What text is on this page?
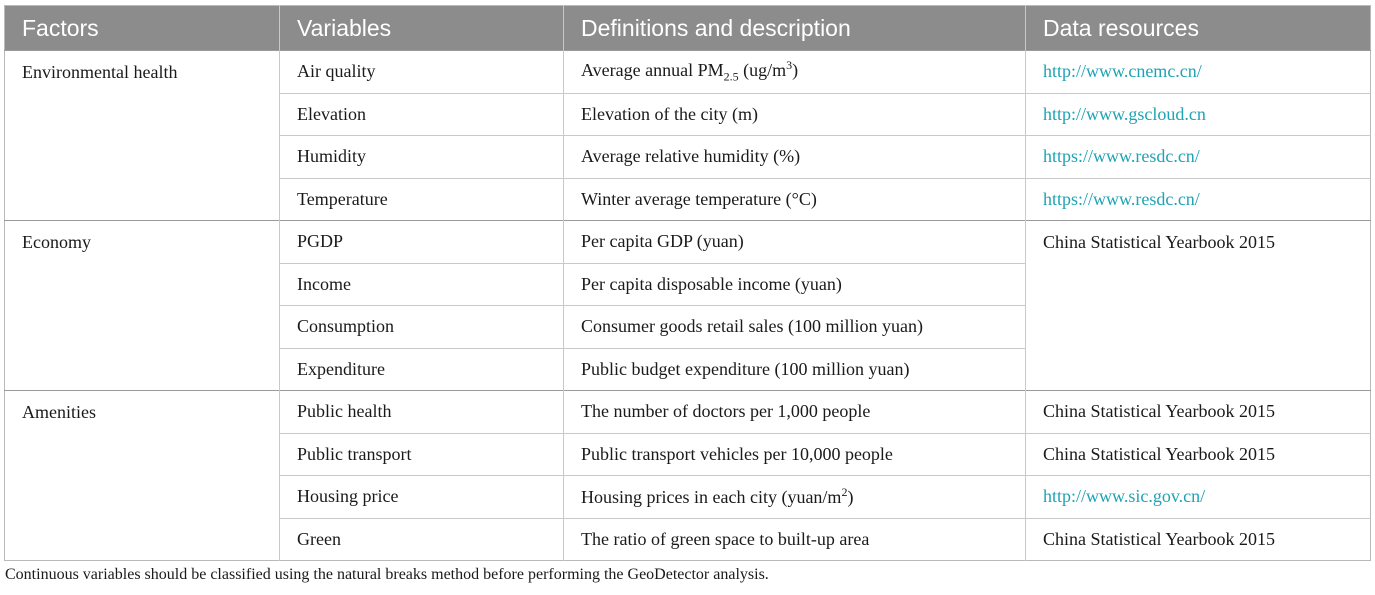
Factors	Variables	Definitions and description	Data resources
Environmental health	Air quality	Average annual $PM_{2.5}$ $(ug/m^3)$	http://www.cnemc.cn/
	Elevation	Elevation of the city (m)	http://www.gscloud.cn
	Humidity	Average relative humidity (%)	https://www.resdc.cn/
	Temperature	Winter average temperature (°C)	https://www.resdc.cn/
Economy	PGDP	Per capita GDP (yuan)	China Statistical Yearbook 2015
	Income	Per capita disposable income (yuan)	
	Consumption	Consumer goods retail sales (100 million yuan)	
	Expenditure	Public budget expenditure (100 million yuan)	
Amenities	Public health	The number of doctors per 1,000 people	China Statistical Yearbook 2015
	Public transport	Public transport vehicles per 10,000 people	China Statistical Yearbook 2015
	Housing price	Housing prices in each city $(yuan/m^2)$	http://www.sic.gov.cn/
	Green	The ratio of green space to built-up area	China Statistical Yearbook 2015
Continuous variables should be classified using the natural breaks method before performing the GeoDetector analysis.
